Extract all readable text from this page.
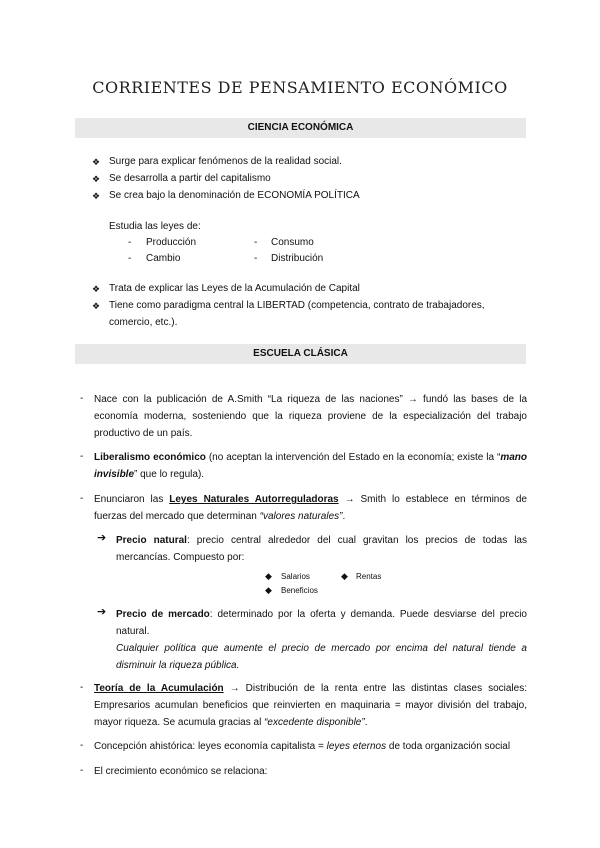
CORRIENTES DE PENSAMIENTO ECONÓMICO
CIENCIA ECONÓMICA
❖ Surge para explicar fenómenos de la realidad social.
❖ Se desarrolla a partir del capitalismo
❖ Se crea bajo la denominación de ECONOMÍA POLÍTICA
Estudia las leyes de:
- Producción	- Consumo
- Cambio	- Distribución
❖ Trata de explicar las Leyes de la Acumulación de Capital
❖ Tiene como paradigma central la LIBERTAD (competencia, contrato de trabajadores,
comercio, etc.).
ESCUELA CLÁSICA
- Nace con la publicación de A.Smith “La riqueza de las naciones” → fundó las bases de la economía moderna, sosteniendo que la riqueza proviene de la especialización del trabajo productivo de un país.
- Liberalismo económico (no aceptan la intervención del Estado en la economía; existe la “mano invisible” que lo regula).
- Enunciaron las Leyes Naturales Autorreguladoras → Smith lo establece en términos de fuerzas del mercado que determinan “valores naturales”.
➔ Precio natural: precio central alrededor del cual gravitan los precios de todas las mercancías. Compuesto por:
◆ Salarios	◆ Rentas
◆ Beneficios
➔ Precio de mercado: determinado por la oferta y demanda. Puede desviarse del precio natural.
Cualquier política que aumente el precio de mercado por encima del natural tiende a disminuir la riqueza pública.
- Teoría de la Acumulación → Distribución de la renta entre las distintas clases sociales: Empresarios acumulan beneficios que reinvierten en maquinaria = mayor división del trabajo, mayor riqueza. Se acumula gracias al “excedente disponible”.
- Concepción ahistórica: leyes economía capitalista = leyes eternos de toda organización social
- El crecimiento económico se relaciona:
